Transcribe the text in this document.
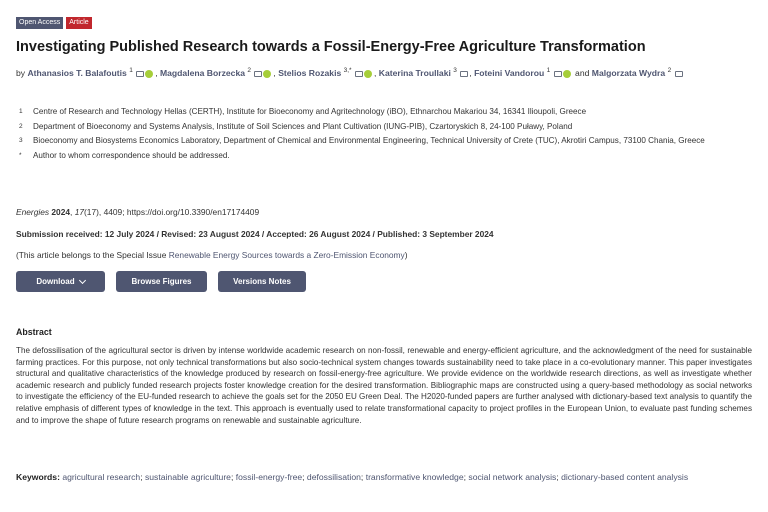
Open Access	Article
Investigating Published Research towards a Fossil-Energy-Free Agriculture Transformation
by Athanasios T. Balafoutis $^1$	, Magdalena Borzecka $^2$	, Stelios Rozakis $^{3,*}$	, Katerina Troullaki $^3$ , Foteini Vandorou $^1$	and Malgorzata Wydra $^2$
1	Centre of Research and Technology Hellas (CERTH), Institute for Bioeconomy and Agritechnology (iBO), Ethnarchou Makariou 34, 16341 Ilioupoli, Greece
2	Department of Bioeconomy and Systems Analysis, Institute of Soil Sciences and Plant Cultivation (IUNG-PIB), Czartoryskich 8, 24-100 Puławy, Poland
3	Bioeconomy and Biosystems Economics Laboratory, Department of Chemical and Environmental Engineering, Technical University of Crete (TUC), Akrotiri Campus, 73100 Chania, Greece
*	Author to whom correspondence should be addressed.
Energies 2024, 17(17), 4409; https://doi.org/10.3390/en17174409
Submission received: 12 July 2024 / Revised: 23 August 2024 / Accepted: 26 August 2024 / Published: 3 September 2024
(This article belongs to the Special Issue Renewable Energy Sources towards a Zero-Emission Economy)
Download	Browse Figures	Versions Notes
Abstract

The defossilisation of the agricultural sector is driven by intense worldwide academic research on non-fossil, renewable and energy-efficient agriculture, and the acknowledgment of the need for sustainable farming practices. For this purpose, not only technical transformations but also socio-technical system changes towards sustainability need to take place in a co-evolutionary manner. This paper investigates structural and qualitative characteristics of the knowledge produced by research on fossil-energy-free agriculture. We provide evidence on the worldwide research directions, as well as investigate whether academic research and publicly funded research projects foster knowledge creation for the desired transformation. Bibliographic maps are constructed using a query-based methodology as social networks to investigate the efficiency of the EU-funded research to achieve the goals set for the 2050 EU Green Deal. The H2020-funded papers are further analysed with dictionary-based text analysis to quantify the relative emphasis of different types of knowledge in the text. This approach is eventually used to relate transformational capacity to project profiles in the European Union, to evaluate past funding schemes and to improve the shape of future research programs on renewable and sustainable agriculture.

Keywords: agricultural research; sustainable agriculture; fossil-energy-free; defossilisation; transformative knowledge; social network analysis; dictionary-based content analysis
